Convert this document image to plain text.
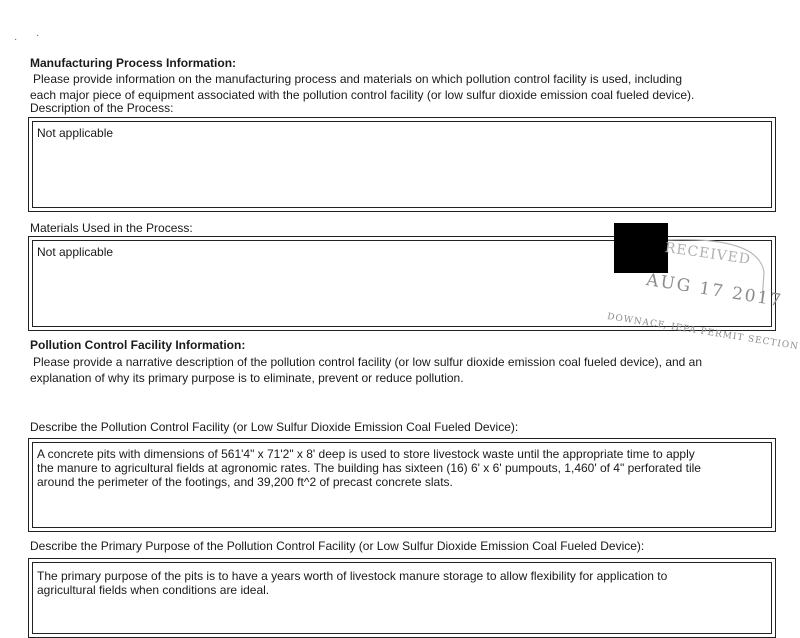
· ·
Manufacturing Process Information:
Please provide information on the manufacturing process and materials on which pollution control facility is used, including
each major piece of equipment associated with the pollution control facility (or low sulfur dioxide emission coal fueled device).
Description of the Process:
Not applicable
Materials Used in the Process:
Not applicable	RECEIVED
AUG 17 2017
DOWNACF, IEPA PERMIT SECTION
Pollution Control Facility Information:
Please provide a narrative description of the pollution control facility (or low sulfur dioxide emission coal fueled device), and an
explanation of why its primary purpose is to eliminate, prevent or reduce pollution.
Describe the Pollution Control Facility (or Low Sulfur Dioxide Emission Coal Fueled Device):
A concrete pits with dimensions of 561'4" x 71'2" x 8' deep is used to store livestock waste until the appropriate time to apply
the manure to agricultural fields at agronomic rates. The building has sixteen (16) 6' x 6' pumpouts, 1,460' of 4" perforated tile
around the perimeter of the footings, and 39,200 ft^2 of precast concrete slats.
Describe the Primary Purpose of the Pollution Control Facility (or Low Sulfur Dioxide Emission Coal Fueled Device):
The primary purpose of the pits is to have a years worth of livestock manure storage to allow flexibility for application to
agricultural fields when conditions are ideal.
